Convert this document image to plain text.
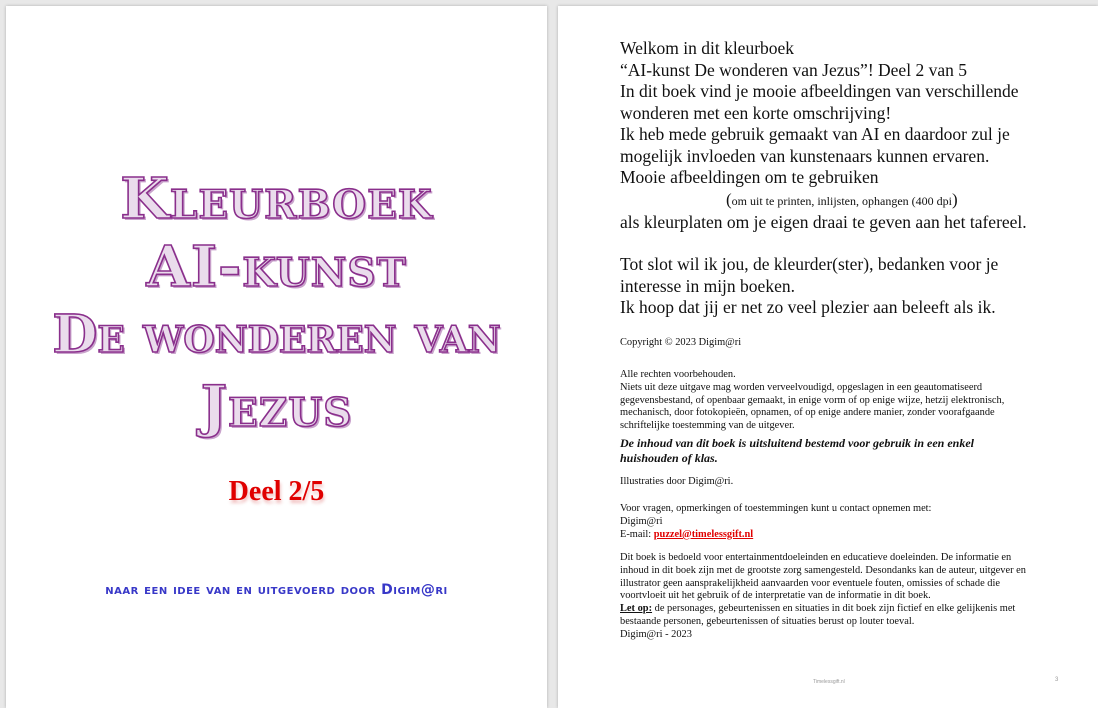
Kleurboek
AI-kunst
De wonderen van
Jezus
Deel 2/5
naar een idee van en uitgevoerd door Digim@ri

Welkom in dit kleurboek

“AI-kunst De wonderen van Jezus”! Deel 2 van 5

In dit boek vind je mooie afbeeldingen van verschillende

wonderen met een korte omschrijving!

Ik heb mede gebruik gemaakt van AI en daardoor zul je

mogelijk invloeden van kunstenaars kunnen ervaren.

Mooie afbeeldingen om te gebruiken

(om uit te printen, inlijsten, ophangen (400 dpi)

als kleurplaten om je eigen draai te geven aan het tafereel.

Tot slot wil ik jou, de kleurder(ster), bedanken voor je

interesse in mijn boeken.

Ik hoop dat jij er net zo veel plezier aan beleeft als ik.

Copyright © 2023 Digim@ri
Alle rechten voorbehouden.
Niets uit deze uitgave mag worden verveelvoudigd, opgeslagen in een geautomatiseerd
gegevensbestand, of openbaar gemaakt, in enige vorm of op enige wijze, hetzij elektronisch,
mechanisch, door fotokopieën, opnamen, of op enige andere manier, zonder voorafgaande
schriftelijke toestemming van de uitgever.
De inhoud van dit boek is uitsluitend bestemd voor gebruik in een enkel
huishouden of klas.
Illustraties door Digim@ri.
Voor vragen, opmerkingen of toestemmingen kunt u contact opnemen met:
Digim@ri
E-mail: puzzel@timelessgift.nl
Dit boek is bedoeld voor entertainmentdoeleinden en educatieve doeleinden. De informatie en
inhoud in dit boek zijn met de grootste zorg samengesteld. Desondanks kan de auteur, uitgever en
illustrator geen aansprakelijkheid aanvaarden voor eventuele fouten, omissies of schade die
voortvloeit uit het gebruik of de interpretatie van de informatie in dit boek.
Let op: de personages, gebeurtenissen en situaties in dit boek zijn fictief en elke gelijkenis met
bestaande personen, gebeurtenissen of situaties berust op louter toeval.
Digim@ri - 2023
Timelessgift.nl	3
